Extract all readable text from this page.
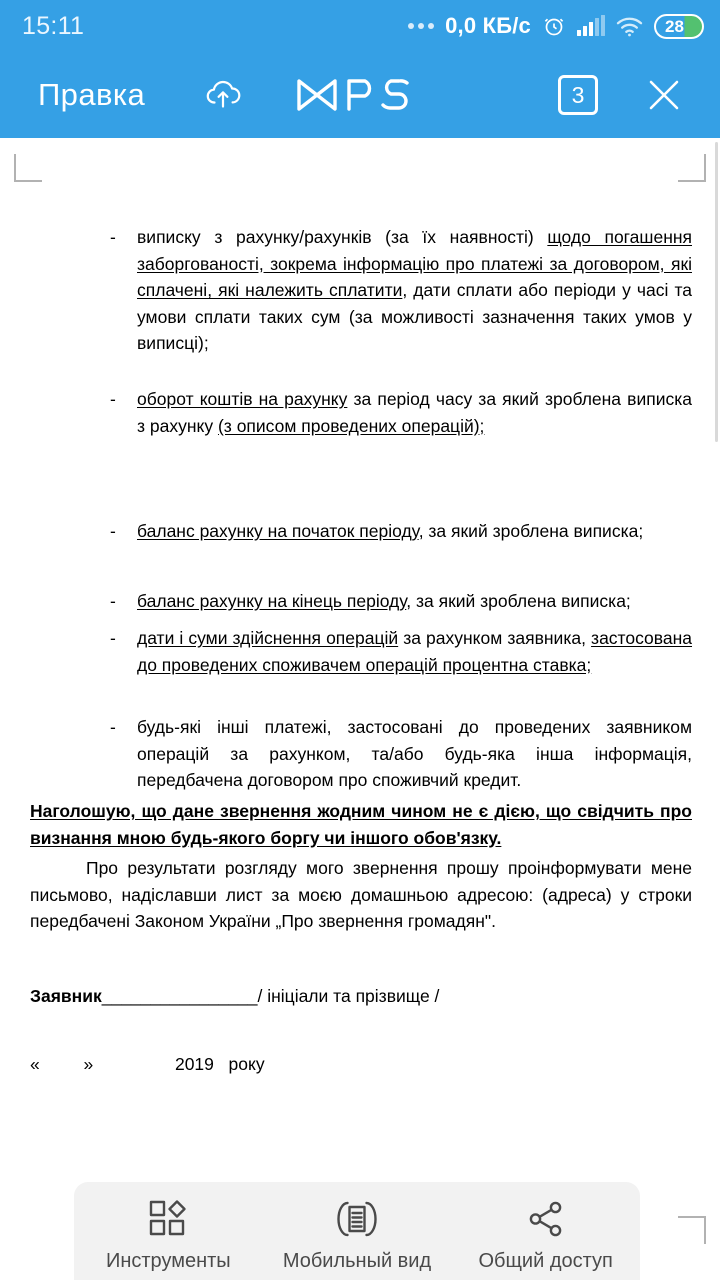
15:11	0,0 КБ/с	28
Правка	3
-	виписку з рахунку/рахунків (за їх наявності) щодо погашення заборгованості, зокрема інформацію про платежі за договором, які сплачені, які належить сплатити, дати сплати або періоди у часі та умови сплати таких сум (за можливості зазначення таких умов у виписці);
-	оборот коштів на рахунку за період часу за який зроблена виписка з рахунку (з описом проведених операцій);
-	баланс рахунку на початок періоду, за який зроблена виписка;
-	баланс рахунку на кінець періоду, за який зроблена виписка;
-	дати і суми здійснення операцій за рахунком заявника, застосована до проведених споживачем операцій процентна ставка;
-	будь-які інші платежі, застосовані до проведених заявником операцій за рахунком, та/або будь-яка інша інформація, передбачена договором про споживчий кредит.
Наголошую, що дане звернення жодним чином не є дією, що свідчить про визнання мною будь-якого боргу чи іншого обов'язку.
Про результати розгляду мого звернення прошу проінформувати мене письмово, надіславши лист за моєю домашньою адресою: (адреса) у строки передбачені Законом України „Про звернення громадян".
Заявник________________/ ініціали та прізвище /
«	»	2019 року
Инструменты	Мобильный вид Общий доступ
